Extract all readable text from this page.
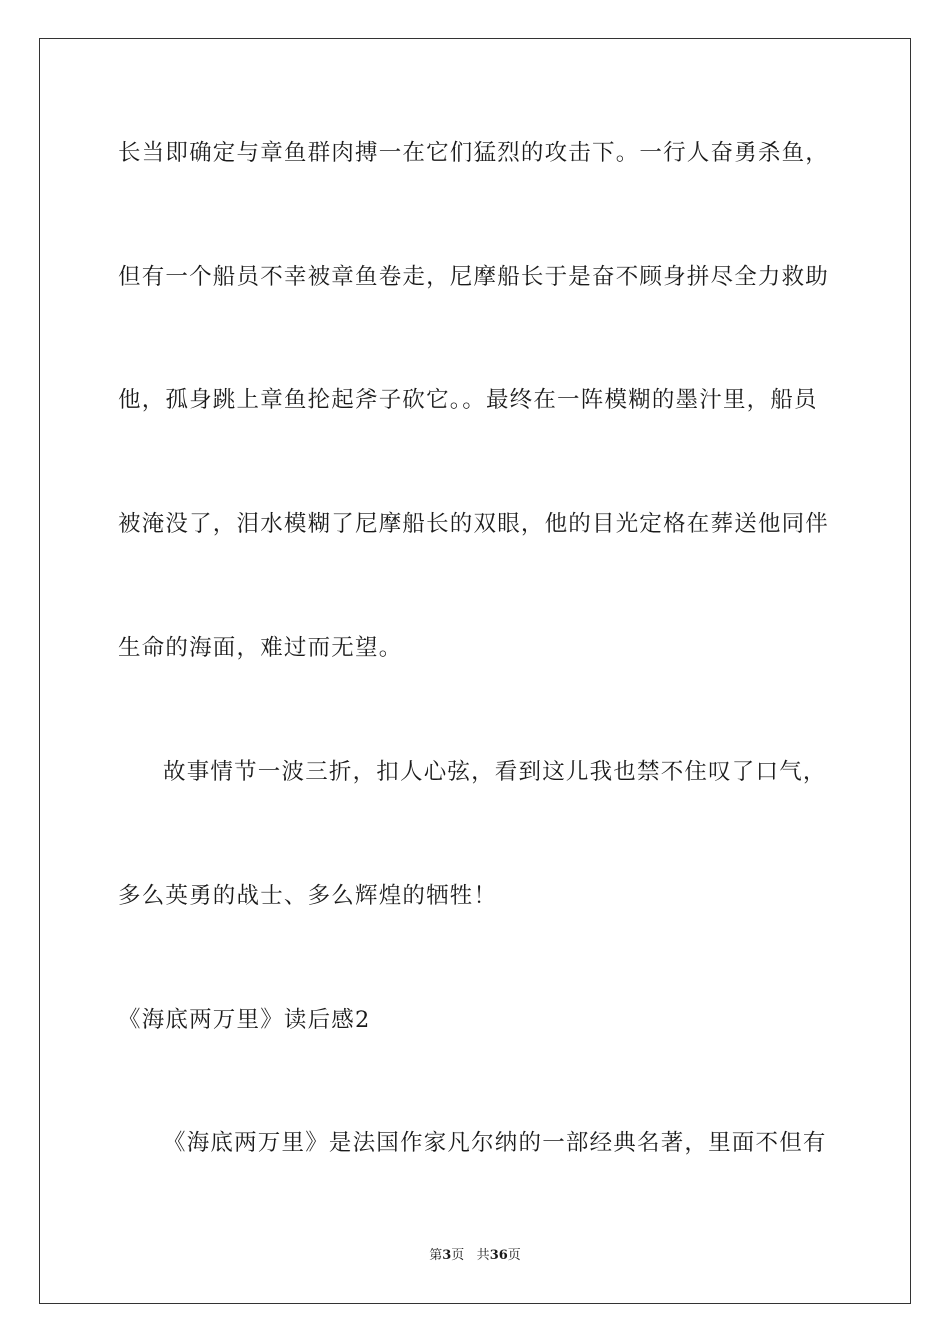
长当即确定与章鱼群肉搏一在它们猛烈的攻击下。一行人奋勇杀鱼，
但有一个船员不幸被章鱼卷走，尼摩船长于是奋不顾身拼尽全力救助
他，孤身跳上章鱼抡起斧子砍它。。最终在一阵模糊的墨汁里，船员
被淹没了，泪水模糊了尼摩船长的双眼，他的目光定格在葬送他同伴
生命的海面，难过而无望。
故事情节一波三折，扣人心弦，看到这儿我也禁不住叹了口气，
多么英勇的战士、多么辉煌的牺牲！
《海底两万里》读后感2
《海底两万里》是法国作家凡尔纳的一部经典名著，里面不但有
第3页 共36页
